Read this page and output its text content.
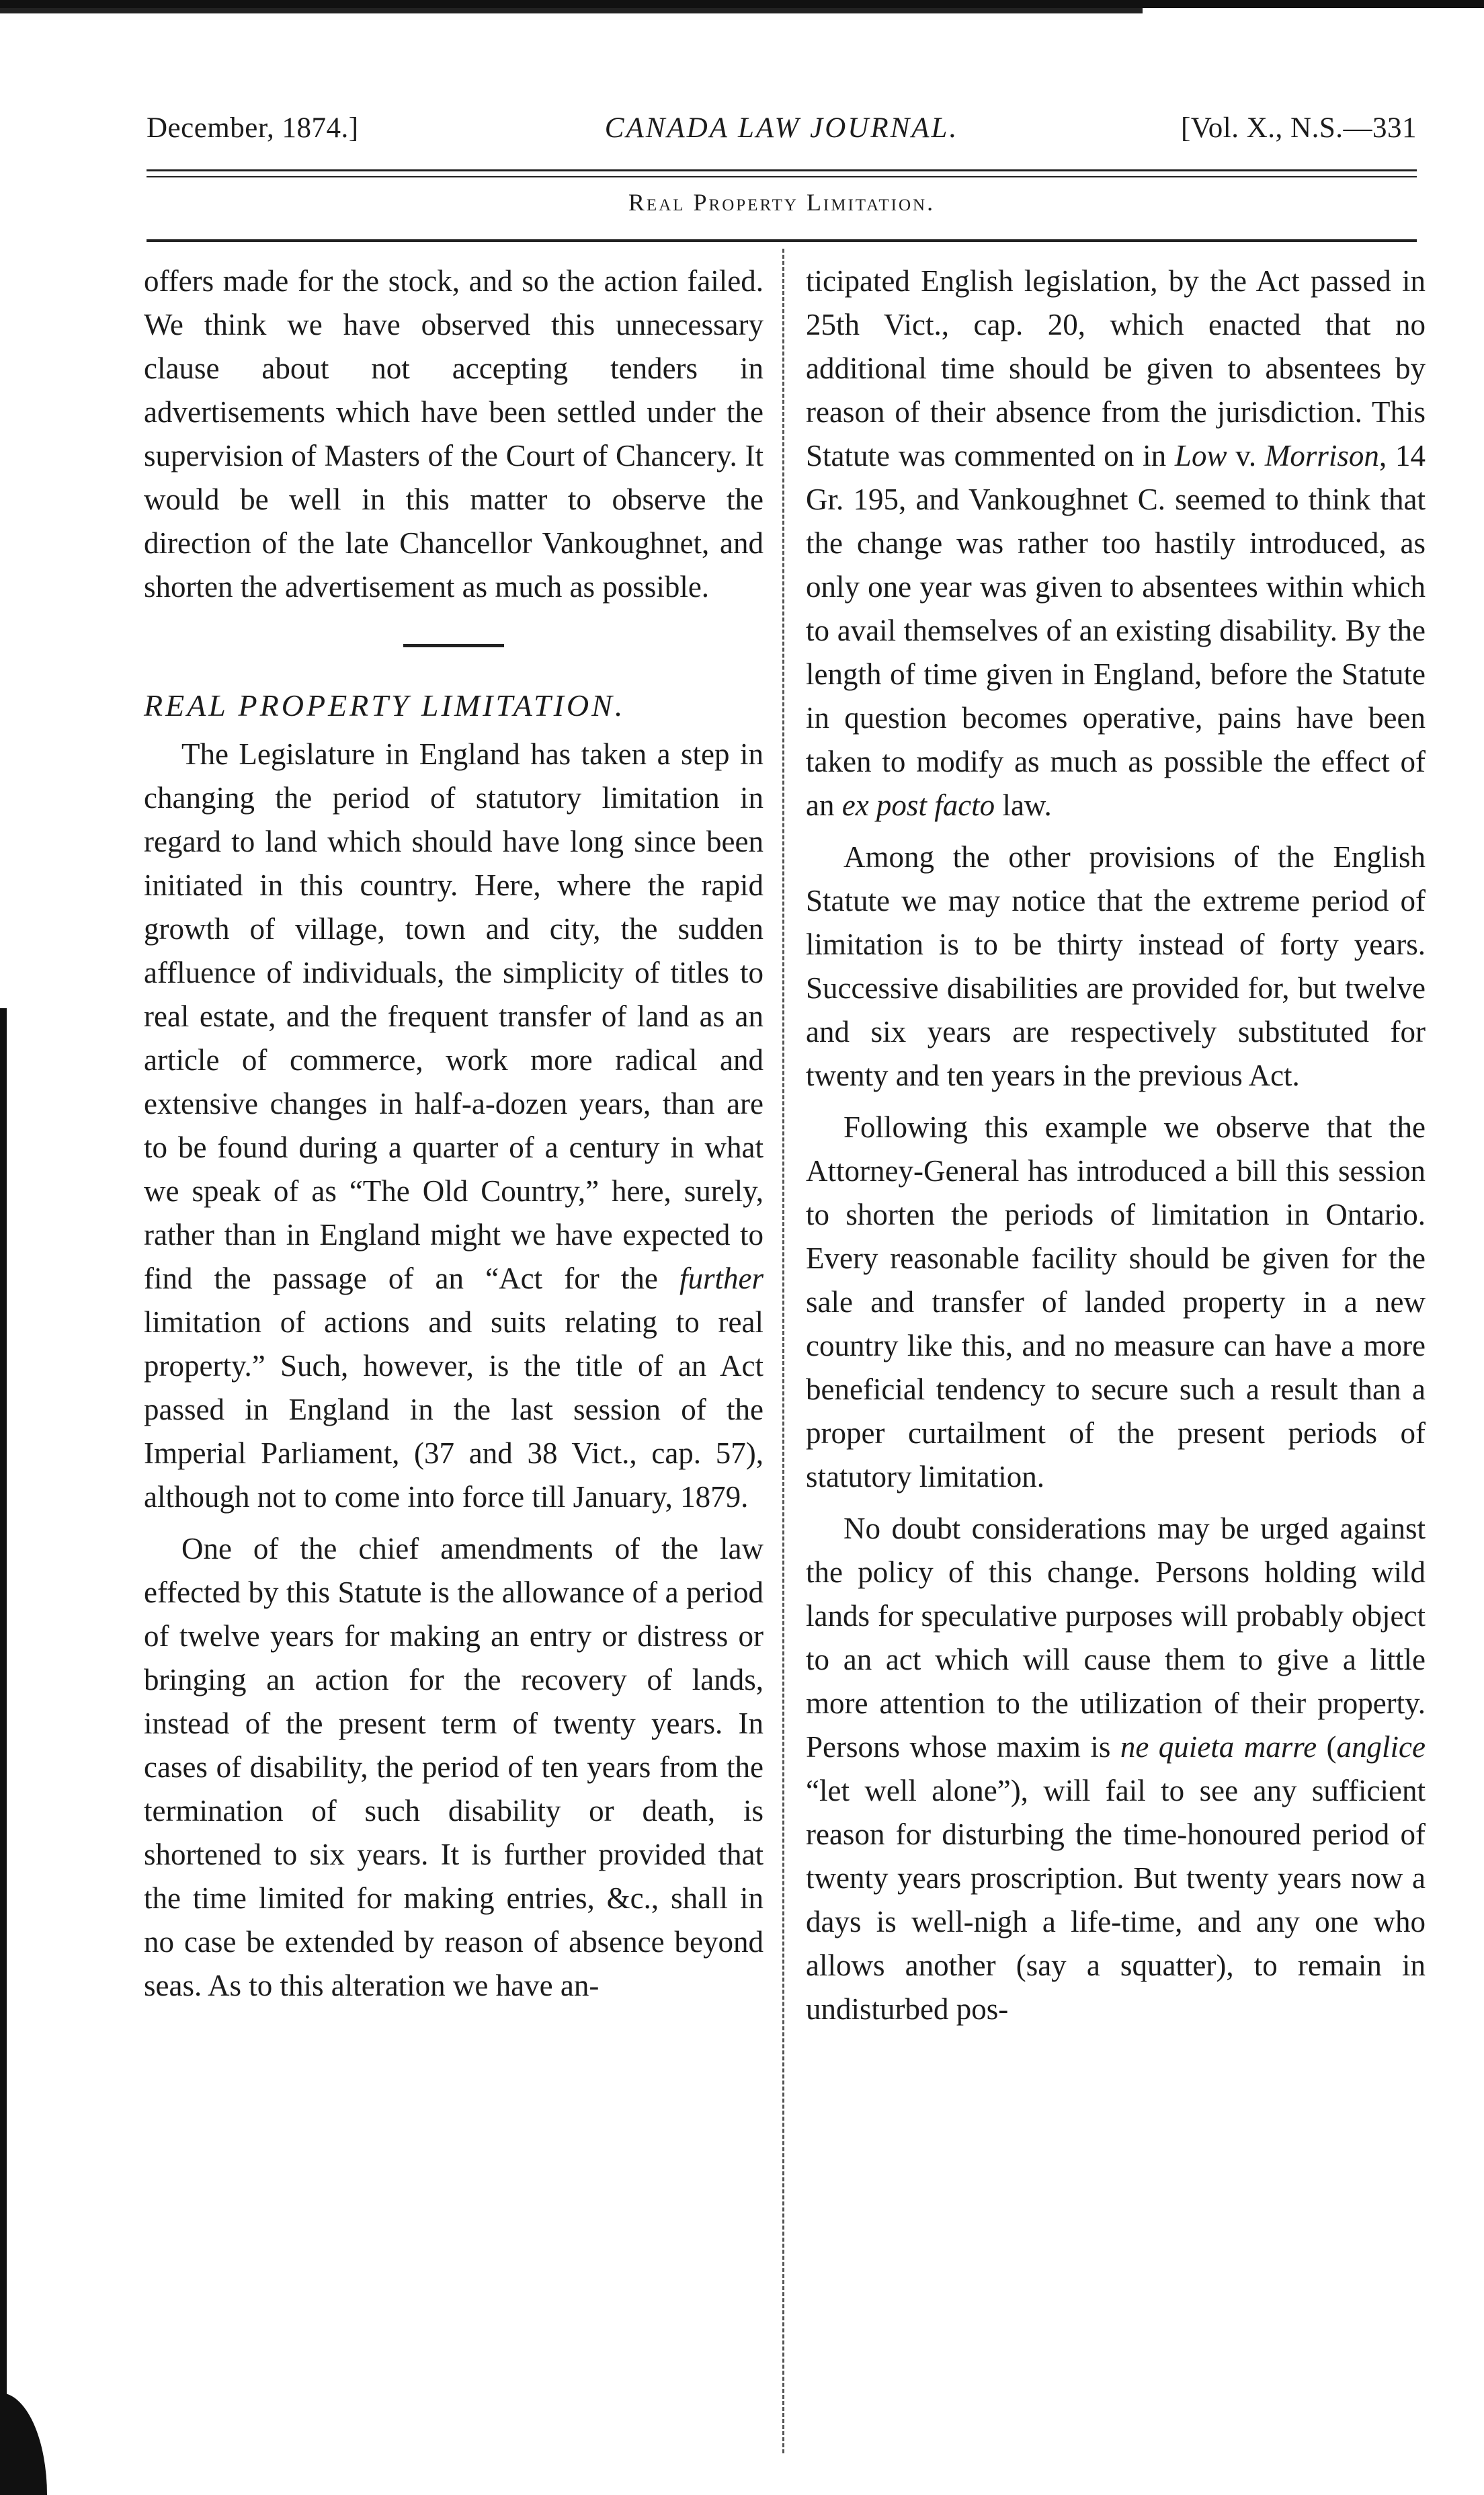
December, 1874.]	CANADA LAW JOURNAL.	[Vol. X., N.S.—331
Real Property Limitation.

offers made for the stock, and so the action failed. We think we have observed this unnecessary clause about not accepting tenders in advertisements which have been settled under the supervision of Masters of the Court of Chancery. It would be well in this matter to observe the direction of the late Chancellor Vankoughnet, and shorten the advertisement as much as possible.

REAL PROPERTY LIMITATION.

The Legislature in England has taken a step in changing the period of statutory limitation in regard to land which should have long since been initiated in this country. Here, where the rapid growth of village, town and city, the sudden affluence of individuals, the simplicity of titles to real estate, and the frequent transfer of land as an article of commerce, work more radical and extensive changes in half-a-dozen years, than are to be found during a quarter of a century in what we speak of as “The Old Country,” here, surely, rather than in England might we have expected to find the passage of an “Act for the further limitation of actions and suits relating to real property.” Such, however, is the title of an Act passed in England in the last session of the Imperial Parliament, (37 and 38 Vict., cap. 57), although not to come into force till January, 1879.

One of the chief amendments of the law effected by this Statute is the allowance of a period of twelve years for making an entry or distress or bringing an action for the recovery of lands, instead of the present term of twenty years. In cases of disability, the period of ten years from the termination of such disability or death, is shortened to six years. It is further provided that the time limited for making entries, &c., shall in no case be extended by reason of absence beyond seas. As to this alteration we have an-

ticipated English legislation, by the Act passed in 25th Vict., cap. 20, which enacted that no additional time should be given to absentees by reason of their absence from the jurisdiction. This Statute was commented on in Low v. Morrison, 14 Gr. 195, and Vankoughnet C. seemed to think that the change was rather too hastily introduced, as only one year was given to absentees within which to avail themselves of an existing disability. By the length of time given in England, before the Statute in question becomes operative, pains have been taken to modify as much as possible the effect of an ex post facto law.

Among the other provisions of the English Statute we may notice that the extreme period of limitation is to be thirty instead of forty years. Successive disabilities are provided for, but twelve and six years are respectively substituted for twenty and ten years in the previous Act.

Following this example we observe that the Attorney-General has introduced a bill this session to shorten the periods of limitation in Ontario. Every reasonable facility should be given for the sale and transfer of landed property in a new country like this, and no measure can have a more beneficial tendency to secure such a result than a proper curtailment of the present periods of statutory limitation.

No doubt considerations may be urged against the policy of this change. Persons holding wild lands for speculative purposes will probably object to an act which will cause them to give a little more attention to the utilization of their property. Persons whose maxim is ne quieta marre (anglice “let well alone”), will fail to see any sufficient reason for disturbing the time-honoured period of twenty years proscription. But twenty years now a days is well-nigh a life-time, and any one who allows another (say a squatter), to remain in undisturbed pos-
